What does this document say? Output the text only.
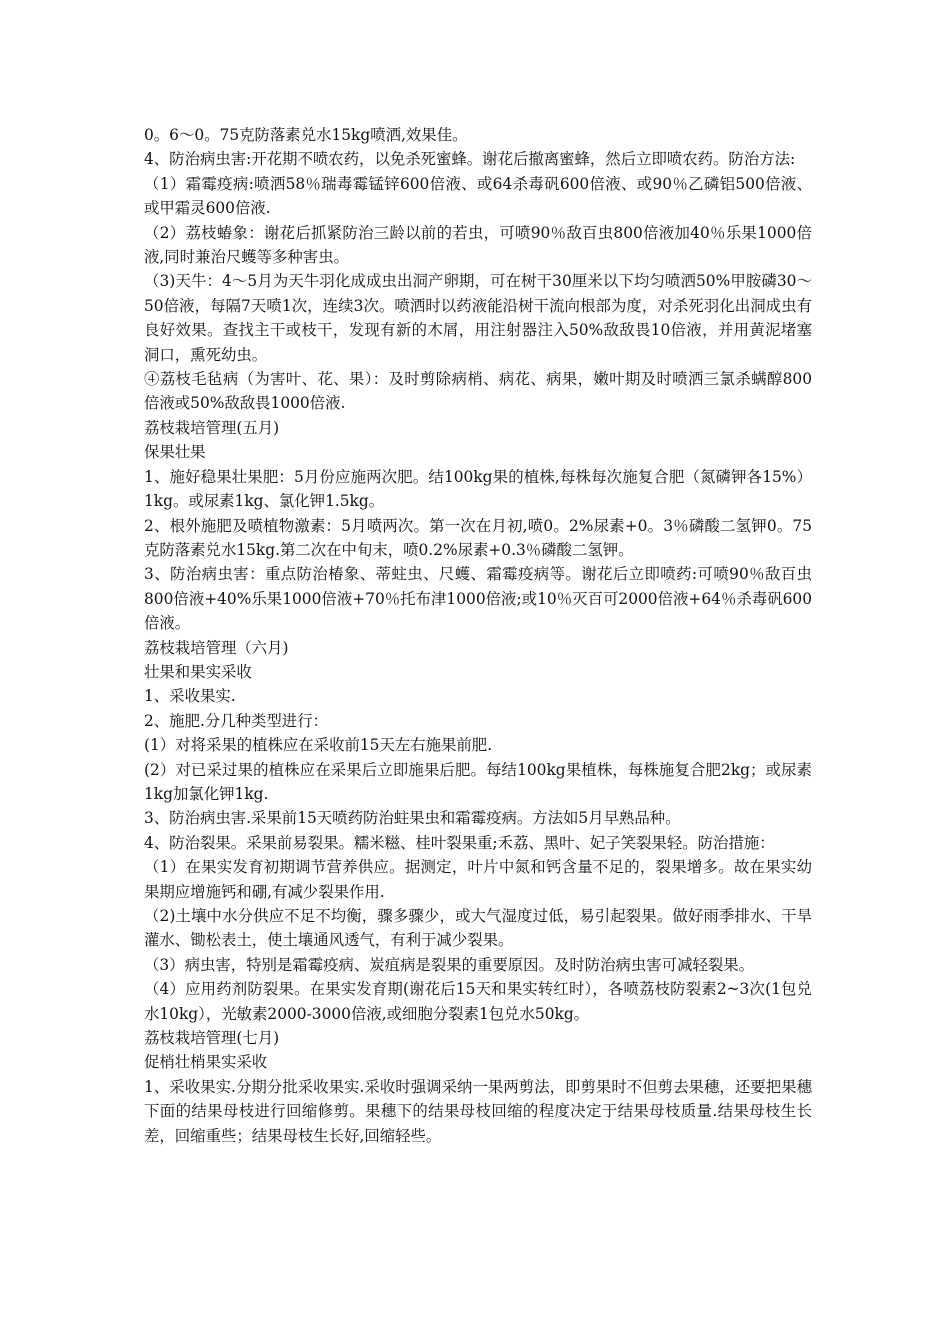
0。6～0。75克防落素兑水15kg喷洒,效果佳。

4、防治病虫害:开花期不喷农药，以免杀死蜜蜂。谢花后撤离蜜蜂，然后立即喷农药。防治方法:

（1）霜霉疫病:喷洒58％瑞毒霉锰锌600倍液、或64杀毒矾600倍液、或90％乙磷铝500倍液、或甲霜灵600倍液.

（2）荔枝蝽象：谢花后抓紧防治三龄以前的若虫，可喷90％敌百虫800倍液加40％乐果1000倍液,同时兼治尺蠖等多种害虫。

（3)天牛：4～5月为天牛羽化成成虫出洞产卵期，可在树干30厘米以下均匀喷洒50%甲胺磷30～50倍液，每隔7天喷1次，连续3次。喷洒时以药液能沿树干流向根部为度，对杀死羽化出洞成虫有良好效果。查找主干或枝干，发现有新的木屑，用注射器注入50%敌敌畏10倍液，并用黄泥堵塞洞口，熏死幼虫。

④荔枝毛毡病（为害叶、花、果）：及时剪除病梢、病花、病果，嫩叶期及时喷洒三氯杀螨醇800倍液或50%敌敌畏1000倍液.

荔枝栽培管理(五月)

保果壮果

1、施好稳果壮果肥：5月份应施两次肥。结100kg果的植株,每株每次施复合肥（氮磷钾各15%）1kg。或尿素1kg、氯化钾1.5kg。

2、根外施肥及喷植物激素：5月喷两次。第一次在月初,喷0。2%尿素+0。3％磷酸二氢钾0。75克防落素兑水15kg.第二次在中旬末，喷0.2%尿素+0.3％磷酸二氢钾。

3、防治病虫害：重点防治椿象、蒂蛀虫、尺蠖、霜霉疫病等。谢花后立即喷药:可喷90％敌百虫800倍液+40%乐果1000倍液+70％托布津1000倍液;或10％灭百可2000倍液+64％杀毒矾600倍液。

荔枝栽培管理（六月)

壮果和果实采收

1、采收果实.

2、施肥.分几种类型进行：

(1）对将采果的植株应在采收前15天左右施果前肥.

(2）对已采过果的植株应在采果后立即施果后肥。每结100kg果植株，每株施复合肥2kg；或尿素1kg加氯化钾1kg.

3、防治病虫害.采果前15天喷药防治蛀果虫和霜霉疫病。方法如5月早熟品种。

4、防治裂果。采果前易裂果。糯米糍、桂叶裂果重;禾荔、黑叶、妃子笑裂果轻。防治措施：

（1）在果实发育初期调节营养供应。据测定，叶片中氮和钙含量不足的，裂果增多。故在果实幼果期应增施钙和硼,有减少裂果作用.

（2)土壤中水分供应不足不均衡，骤多骤少，或大气湿度过低，易引起裂果。做好雨季排水、干旱灌水、锄松表土，使土壤通风透气，有利于减少裂果。

（3）病虫害，特别是霜霉疫病、炭疽病是裂果的重要原因。及时防治病虫害可减轻裂果。

（4）应用药剂防裂果。在果实发育期(谢花后15天和果实转红时），各喷荔枝防裂素2~3次(1包兑水10kg），光敏素2000-3000倍液,或细胞分裂素1包兑水50kg。

荔枝栽培管理(七月)

促梢壮梢果实采收

1、采收果实.分期分批采收果实.采收时强调采纳一果两剪法，即剪果时不但剪去果穗，还要把果穗下面的结果母枝进行回缩修剪。果穗下的结果母枝回缩的程度决定于结果母枝质量.结果母枝生长差，回缩重些；结果母枝生长好,回缩轻些。
